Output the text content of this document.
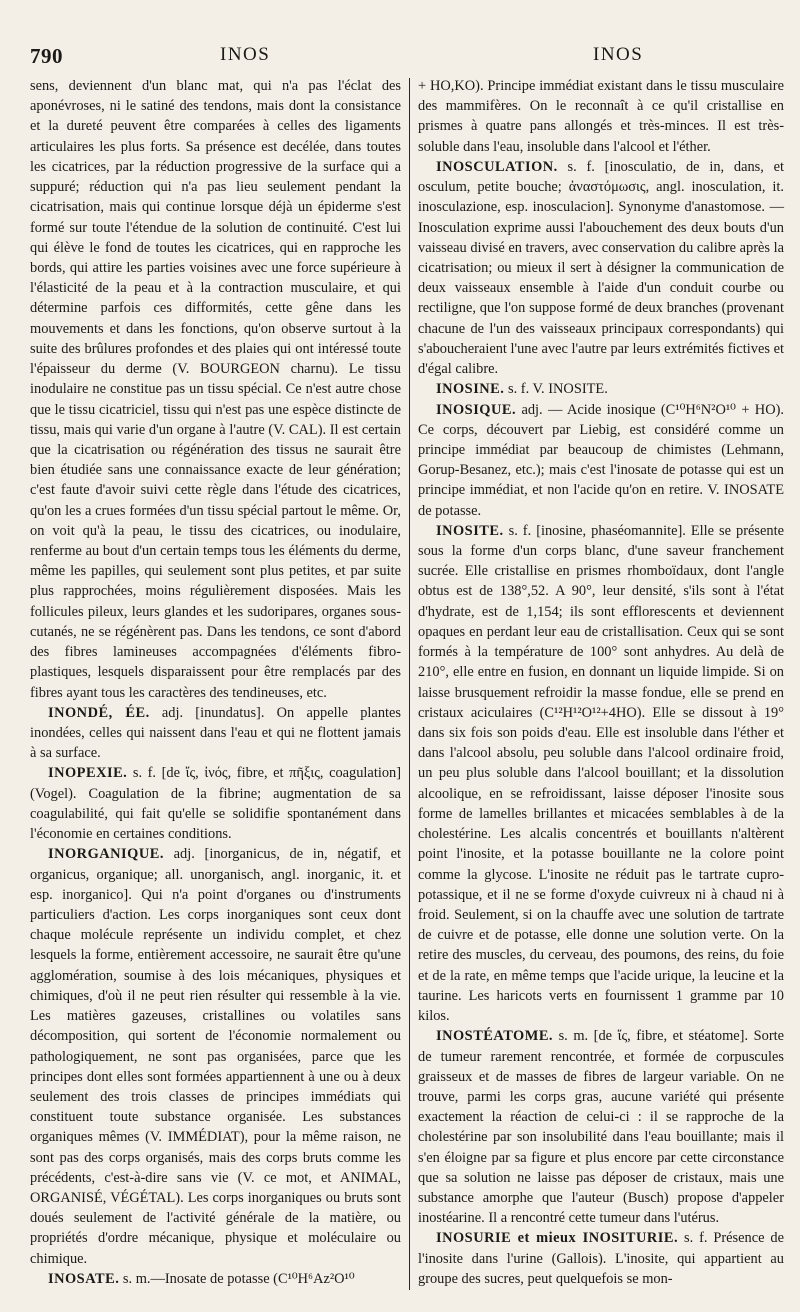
790	INOS	INOS

sens, deviennent d'un blanc mat, qui n'a pas l'éclat des aponévroses, ni le satiné des tendons, mais dont la consistance et la dureté peuvent être comparées à celles des ligaments articulaires les plus forts. Sa présence est decélée, dans toutes les cicatrices, par la réduction progressive de la surface qui a suppuré; réduction qui n'a pas lieu seulement pendant la cicatrisation, mais qui continue lorsque déjà un épiderme s'est formé sur toute l'étendue de la solution de continuité. C'est lui qui élève le fond de toutes les cicatrices, qui en rapproche les bords, qui attire les parties voisines avec une force supérieure à l'élasticité de la peau et à la contraction musculaire, et qui détermine parfois ces difformités, cette gêne dans les mouvements et dans les fonctions, qu'on observe surtout à la suite des brûlures profondes et des plaies qui ont intéressé toute l'épaisseur du derme (V. BOURGEON charnu). Le tissu inodulaire ne constitue pas un tissu spécial. Ce n'est autre chose que le tissu cicatriciel, tissu qui n'est pas une espèce distincte de tissu, mais qui varie d'un organe à l'autre (V. CAL). Il est certain que la cicatrisation ou régénération des tissus ne saurait être bien étudiée sans une connaissance exacte de leur génération; c'est faute d'avoir suivi cette règle dans l'étude des cicatrices, qu'on les a crues formées d'un tissu spécial partout le même. Or, on voit qu'à la peau, le tissu des cicatrices, ou inodulaire, renferme au bout d'un certain temps tous les éléments du derme, même les papilles, qui seulement sont plus petites, et par suite plus rapprochées, moins régulièrement disposées. Mais les follicules pileux, leurs glandes et les sudoripares, organes sous-cutanés, ne se régénèrent pas. Dans les tendons, ce sont d'abord des fibres lamineuses accompagnées d'éléments fibro-plastiques, lesquels disparaissent pour être remplacés par des fibres ayant tous les caractères des tendineuses, etc.

INONDÉ, ÉE. adj. [inundatus]. On appelle plantes inondées, celles qui naissent dans l'eau et qui ne flottent jamais à sa surface.

INOPEXIE. s. f. [de ἴς, ἰνός, fibre, et πῆξις, coagulation] (Vogel). Coagulation de la fibrine; augmentation de sa coagulabilité, qui fait qu'elle se solidifie spontanément dans l'économie en certaines conditions.

INORGANIQUE. adj. [inorganicus, de in, négatif, et organicus, organique; all. unorganisch, angl. inorganic, it. et esp. inorganico]. Qui n'a point d'organes ou d'instruments particuliers d'action. Les corps inorganiques sont ceux dont chaque molécule représente un individu complet, et chez lesquels la forme, entièrement accessoire, ne saurait être qu'une agglomération, soumise à des lois mécaniques, physiques et chimiques, d'où il ne peut rien résulter qui ressemble à la vie. Les matières gazeuses, cristallines ou volatiles sans décomposition, qui sortent de l'économie normalement ou pathologiquement, ne sont pas organisées, parce que les principes dont elles sont formées appartiennent à une ou à deux seulement des trois classes de principes immédiats qui constituent toute substance organisée. Les substances organiques mêmes (V. IMMÉDIAT), pour la même raison, ne sont pas des corps organisés, mais des corps bruts comme les précédents, c'est-à-dire sans vie (V. ce mot, et ANIMAL, ORGANISÉ, VÉGÉTAL). Les corps inorganiques ou bruts sont doués seulement de l'activité générale de la matière, ou propriétés d'ordre mécanique, physique et moléculaire ou chimique.

INOSATE. s. m.—Inosate de potasse (C¹⁰H⁶Az²O¹⁰

+ HO,KO). Principe immédiat existant dans le tissu musculaire des mammifères. On le reconnaît à ce qu'il cristallise en prismes à quatre pans allongés et très-minces. Il est très-soluble dans l'eau, insoluble dans l'alcool et l'éther.

INOSCULATION. s. f. [inosculatio, de in, dans, et osculum, petite bouche; ἀναστόμωσις, angl. inosculation, it. inosculazione, esp. inosculacion]. Synonyme d'anastomose. — Inosculation exprime aussi l'abouchement des deux bouts d'un vaisseau divisé en travers, avec conservation du calibre après la cicatrisation; ou mieux il sert à désigner la communication de deux vaisseaux ensemble à l'aide d'un conduit courbe ou rectiligne, que l'on suppose formé de deux branches (provenant chacune de l'un des vaisseaux principaux correspondants) qui s'aboucheraient l'une avec l'autre par leurs extrémités fictives et d'égal calibre.

INOSINE. s. f. V. INOSITE.

INOSIQUE. adj. — Acide inosique (C¹⁰H⁶N²O¹⁰ + HO). Ce corps, découvert par Liebig, est considéré comme un principe immédiat par beaucoup de chimistes (Lehmann, Gorup-Besanez, etc.); mais c'est l'inosate de potasse qui est un principe immédiat, et non l'acide qu'on en retire. V. INOSATE de potasse.

INOSITE. s. f. [inosine, phaséomannite]. Elle se présente sous la forme d'un corps blanc, d'une saveur franchement sucrée. Elle cristallise en prismes rhomboïdaux, dont l'angle obtus est de 138°,52. A 90°, leur densité, s'ils sont à l'état d'hydrate, est de 1,154; ils sont efflorescents et deviennent opaques en perdant leur eau de cristallisation. Ceux qui se sont formés à la température de 100° sont anhydres. Au delà de 210°, elle entre en fusion, en donnant un liquide limpide. Si on laisse brusquement refroidir la masse fondue, elle se prend en cristaux aciculaires (C¹²H¹²O¹²+4HO). Elle se dissout à 19° dans six fois son poids d'eau. Elle est insoluble dans l'éther et dans l'alcool absolu, peu soluble dans l'alcool ordinaire froid, un peu plus soluble dans l'alcool bouillant; et la dissolution alcoolique, en se refroidissant, laisse déposer l'inosite sous forme de lamelles brillantes et micacées semblables à de la cholestérine. Les alcalis concentrés et bouillants n'altèrent point l'inosite, et la potasse bouillante ne la colore point comme la glycose. L'inosite ne réduit pas le tartrate cupro-potassique, et il ne se forme d'oxyde cuivreux ni à chaud ni à froid. Seulement, si on la chauffe avec une solution de tartrate de cuivre et de potasse, elle donne une solution verte. On la retire des muscles, du cerveau, des poumons, des reins, du foie et de la rate, en même temps que l'acide urique, la leucine et la taurine. Les haricots verts en fournissent 1 gramme par 10 kilos.

INOSTÉATOME. s. m. [de ἴς, fibre, et stéatome]. Sorte de tumeur rarement rencontrée, et formée de corpuscules graisseux et de masses de fibres de largeur variable. On ne trouve, parmi les corps gras, aucune variété qui présente exactement la réaction de celui-ci : il se rapproche de la cholestérine par son insolubilité dans l'eau bouillante; mais il s'en éloigne par sa figure et plus encore par cette circonstance que sa solution ne laisse pas déposer de cristaux, mais une substance amorphe que l'auteur (Busch) propose d'appeler inostéarine. Il a rencontré cette tumeur dans l'utérus.

INOSURIE et mieux INOSITURIE. s. f. Présence de l'inosite dans l'urine (Gallois). L'inosite, qui appartient au groupe des sucres, peut quelquefois se mon-
